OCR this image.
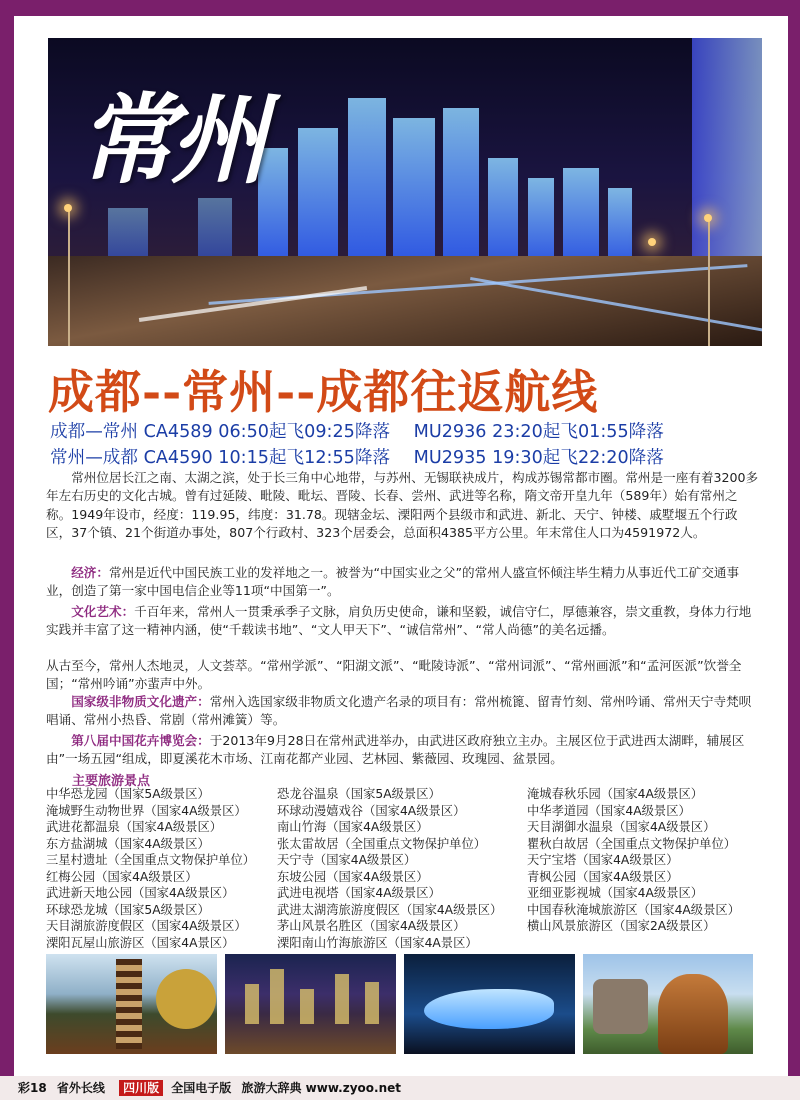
常州
成都--常州--成都往返航线
成都—常州 CA4589 06:50起飞09:25降落 MU2936 23:20起飞01:55降落
常州—成都 CA4590 10:15起飞12:55降落 MU2935 19:30起飞22:20降落
常州位居长江之南、太湖之滨，处于长三角中心地带，与苏州、无锡联袂成片，构成苏锡常都市圈。常州是一座有着3200多年左右历史的文化古城。曾有过延陵、毗陵、毗坛、晋陵、长春、尝州、武进等名称，隋文帝开皇九年（589年）始有常州之称。1949年设市，经度：119.95，纬度：31.78。现辖金坛、溧阳两个县级市和武进、新北、天宁、钟楼、戚墅堰五个行政区，37个镇、21个街道办事处，807个行政村、323个居委会，总面积4385平方公里。年末常住人口为4591972人。
经济：常州是近代中国民族工业的发祥地之一。被誉为“中国实业之父”的常州人盛宣怀倾注毕生精力从事近代工矿交通事业，创造了第一家中国电信企业等11项“中国第一”。
文化艺术：千百年来，常州人一贯秉承季子文脉，肩负历史使命，谦和坚毅，诚信守仁，厚德兼容，崇文重教，身体力行地实践并丰富了这一精神内涵，使“千载读书地”、“文人甲天下”、“诚信常州”、“常人尚德”的美名远播。
从古至今，常州人杰地灵，人文荟萃。“常州学派”、“阳湖文派”、“毗陵诗派”、“常州词派”、“常州画派”和“孟河医派”饮誉全国；“常州吟诵”亦蜚声中外。
国家级非物质文化遗产：常州入选国家级非物质文化遗产名录的项目有：常州梳篦、留青竹刻、常州吟诵、常州天宁寺梵呗唱诵、常州小热昏、常剧（常州滩簧）等。
第八届中国花卉博览会：于2013年9月28日在常州武进举办，由武进区政府独立主办。主展区位于武进西太湖畔，辅展区由”一场五园“组成，即夏溪花木市场、江南花都产业园、艺林园、紫薇园、玫瑰园、盆景园。
主要旅游景点
中华恐龙园（国家5A级景区）
淹城野生动物世界（国家4A级景区）
武进花都温泉（国家4A级景区）
东方盐湖城（国家4A级景区）
三星村遗址（全国重点文物保护单位）
红梅公园（国家4A级景区）
武进新天地公园（国家4A级景区）
环球恐龙城（国家5A级景区）
天目湖旅游度假区（国家4A级景区）
溧阳瓦屋山旅游区（国家4A景区）
恐龙谷温泉（国家5A级景区）
环球动漫嬉戏谷（国家4A级景区）
南山竹海（国家4A级景区）
张太雷故居（全国重点文物保护单位）
天宁寺（国家4A级景区）
东坡公园（国家4A级景区）
武进电视塔（国家4A级景区）
武进太湖湾旅游度假区（国家4A级景区）
茅山风景名胜区（国家4A级景区）
溧阳南山竹海旅游区（国家4A景区）
淹城春秋乐园（国家4A级景区）
中华孝道园（国家4A级景区）
天目湖御水温泉（国家4A级景区）
瞿秋白故居（全国重点文物保护单位）
天宁宝塔（国家4A级景区）
青枫公园（国家4A级景区）
亚细亚影视城（国家4A级景区）
中国春秋淹城旅游区（国家4A级景区）
横山风景旅游区（国家2A级景区）
彩18 省外长线 四川版 全国电子版 旅游大辞典 www.zyoo.net
